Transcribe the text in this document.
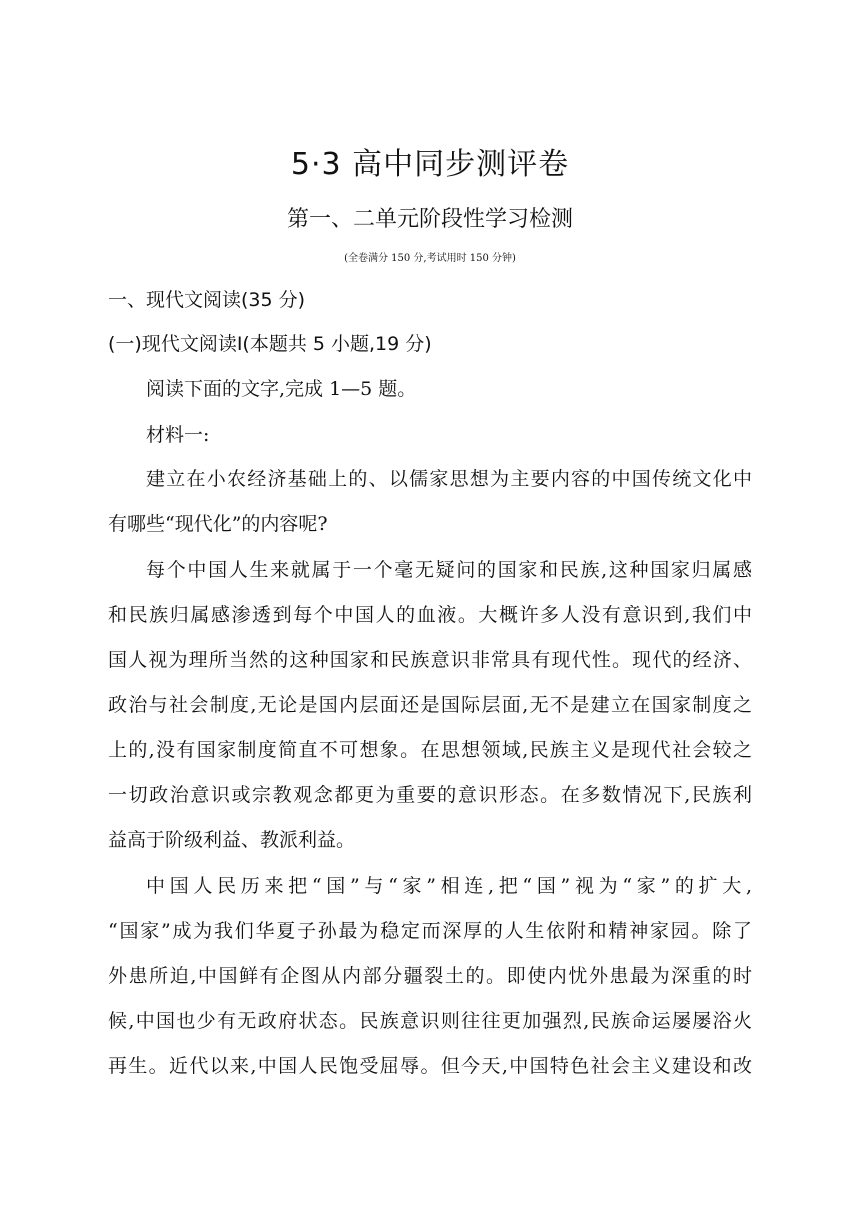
5·3 高中同步测评卷
第一、二单元阶段性学习检测
(全卷满分 150 分,考试用时 150 分钟)
一、现代文阅读(35 分)
(一)现代文阅读Ⅰ(本题共 5 小题,19 分)
阅读下面的文字,完成 1—5 题。
材料一:
建立在小农经济基础上的、以儒家思想为主要内容的中国传统文化中
有哪些“现代化”的内容呢?
每个中国人生来就属于一个毫无疑问的国家和民族,这种国家归属感
和民族归属感渗透到每个中国人的血液。大概许多人没有意识到,我们中
国人视为理所当然的这种国家和民族意识非常具有现代性。现代的经济、
政治与社会制度,无论是国内层面还是国际层面,无不是建立在国家制度之
上的,没有国家制度简直不可想象。在思想领域,民族主义是现代社会较之
一切政治意识或宗教观念都更为重要的意识形态。在多数情况下,民族利
益高于阶级利益、教派利益。
中国人民历来把“国”与“家”相连,把“国”视为“家”的扩大,
“国家”成为我们华夏子孙最为稳定而深厚的人生依附和精神家园。除了
外患所迫,中国鲜有企图从内部分疆裂土的。即使内忧外患最为深重的时
候,中国也少有无政府状态。民族意识则往往更加强烈,民族命运屡屡浴火
再生。近代以来,中国人民饱受屈辱。但今天,中国特色社会主义建设和改
